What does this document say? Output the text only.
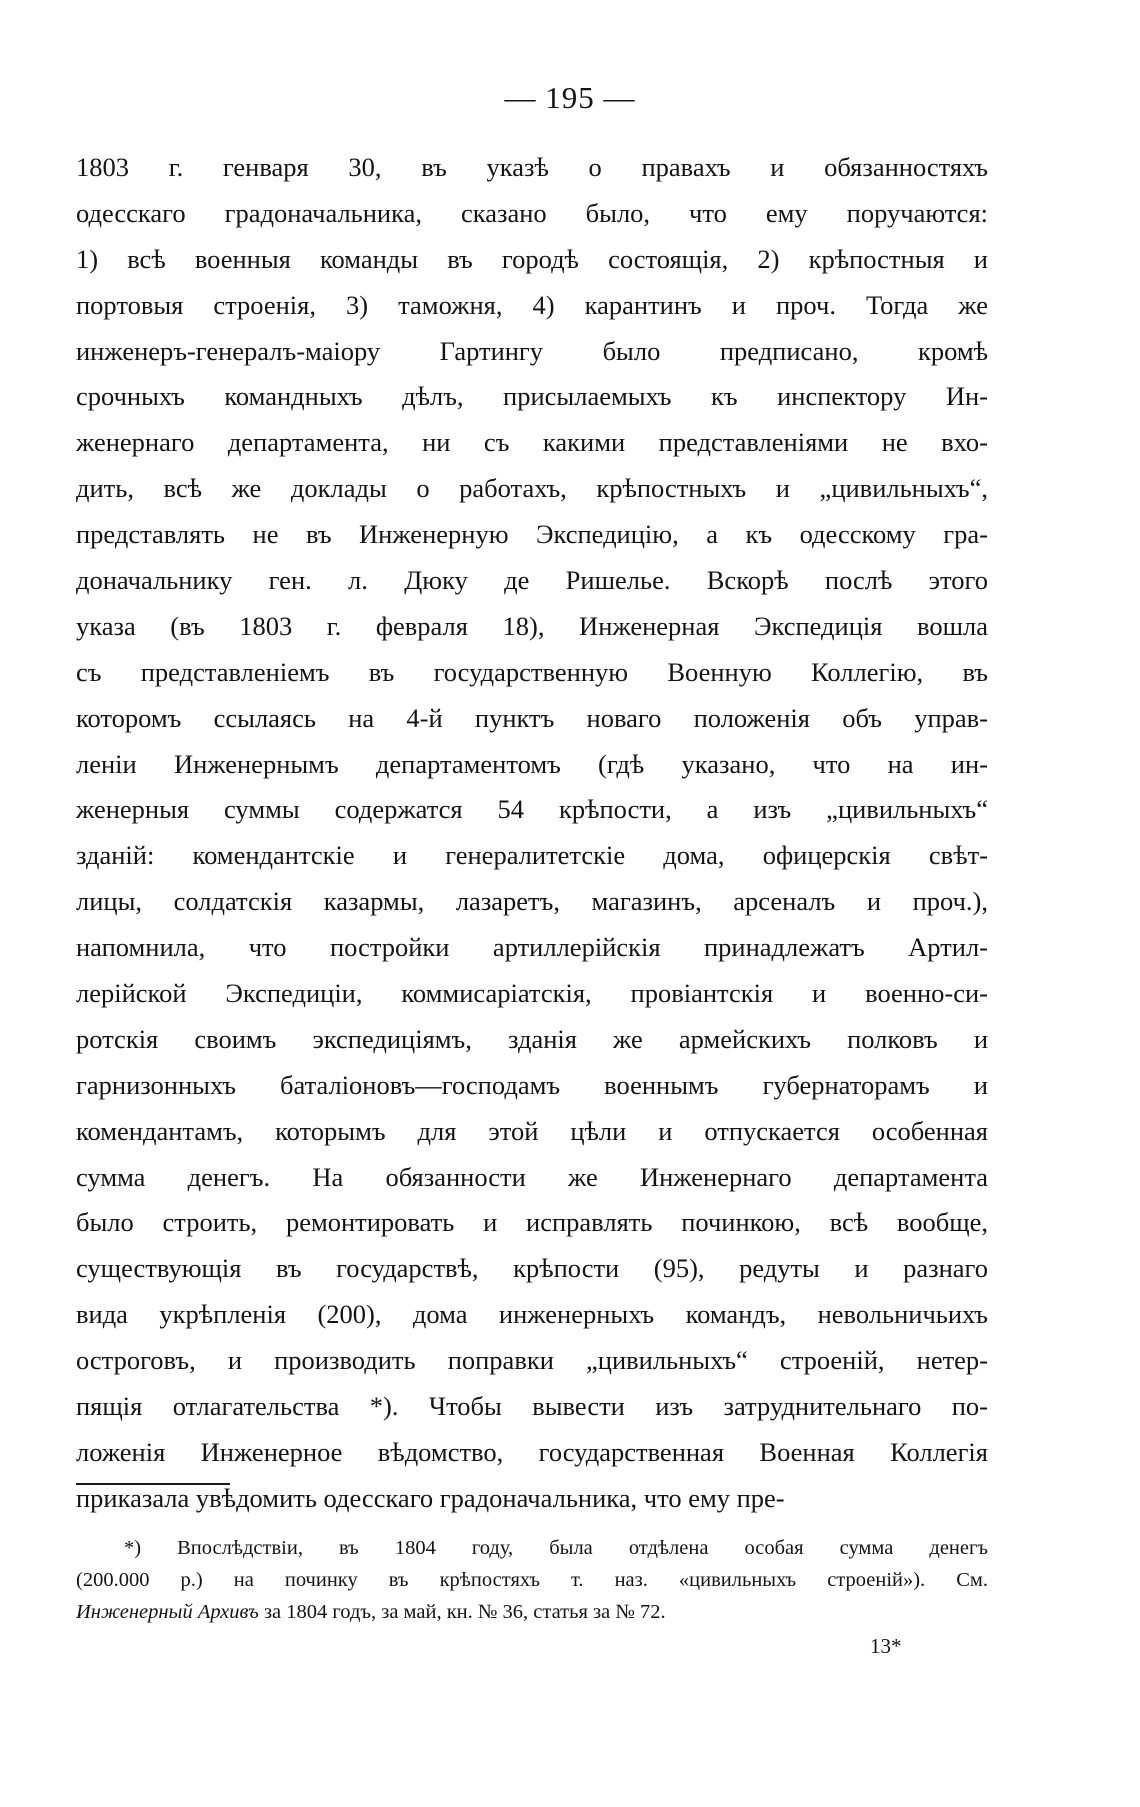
— 195 —
1803 г. генваря 30, въ указѣ о правахъ и обязанностяхъ
одесскаго градоначальника, сказано было, что ему поручаются:
1) всѣ военныя команды въ городѣ состоящія, 2) крѣпостныя и
портовыя строенія, 3) таможня, 4) карантинъ и проч. Тогда же
инженеръ-генералъ-маіору Гартингу было предписано, кромѣ
срочныхъ командныхъ дѣлъ, присылаемыхъ къ инспектору Ин-
женернаго департамента, ни съ какими представленіями не вхо-
дить, всѣ же доклады о работахъ, крѣпостныхъ и „цивильныхъ“,
представлять не въ Инженерную Экспедицію, а къ одесскому гра-
доначальнику ген. л. Дюку де Ришелье. Вскорѣ послѣ этого
указа (въ 1803 г. февраля 18), Инженерная Экспедиція вошла
съ представленіемъ въ государственную Военную Коллегію, въ
которомъ ссылаясь на 4-й пунктъ новаго положенія объ управ-
леніи Инженернымъ департаментомъ (гдѣ указано, что на ин-
женерныя суммы содержатся 54 крѣпости, а изъ „цивильныхъ“
зданій: комендантскіе и генералитетскіе дома, офицерскія свѣт-
лицы, солдатскія казармы, лазаретъ, магазинъ, арсеналъ и проч.),
напомнила, что постройки артиллерійскія принадлежатъ Артил-
лерійской Экспедиціи, коммисаріатскія, провіантскія и военно-си-
ротскія своимъ экспедиціямъ, зданія же армейскихъ полковъ и
гарнизонныхъ баталіоновъ—господамъ военнымъ губернаторамъ и
комендантамъ, которымъ для этой цѣли и отпускается особенная
сумма денегъ. На обязанности же Инженернаго департамента
было строить, ремонтировать и исправлять починкою, всѣ вообще,
существующія въ государствѣ, крѣпости (95), редуты и разнаго
вида укрѣпленія (200), дома инженерныхъ командъ, невольничьихъ
остроговъ, и производить поправки „цивильныхъ“ строеній, нетер-
пящія отлагательства *). Чтобы вывести изъ затруднительнаго по-
ложенія Инженерное вѣдомство, государственная Военная Коллегія
приказала увѣдомить одесскаго градоначальника, что ему пре-
*) Впослѣдствіи, въ 1804 году, была отдѣлена особая сумма денегъ
(200.000 р.) на починку въ крѣпостяхъ т. наз. «цивильныхъ строеній»). См.
Инженерный Архивъ за 1804 годъ, за май, кн. № 36, статья за № 72.
13*
